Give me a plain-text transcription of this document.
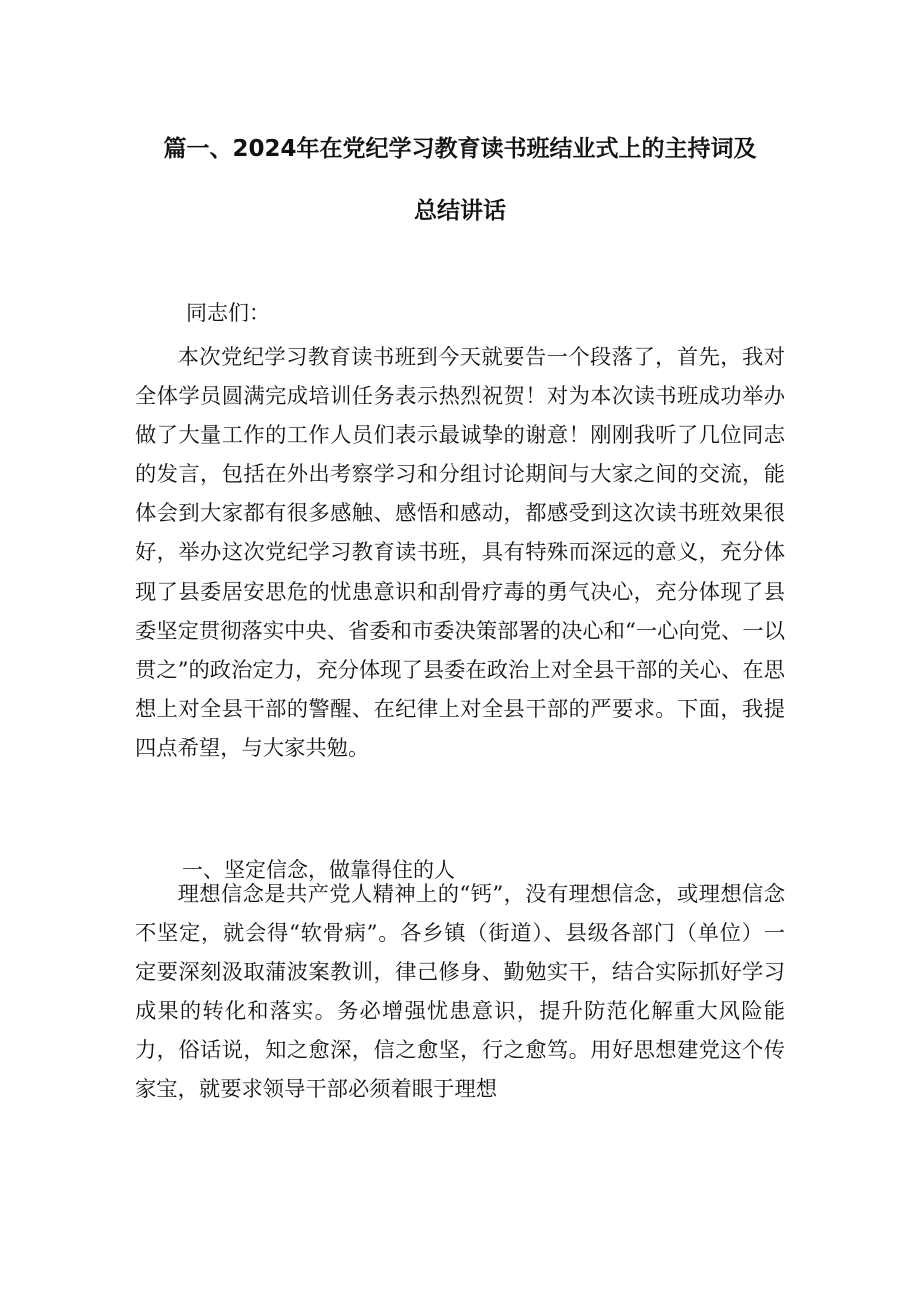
篇一、2024年在党纪学习教育读书班结业式上的主持词及
总结讲话
同志们：

本次党纪学习教育读书班到今天就要告一个段落了，首先，我对全体学员圆满完成培训任务表示热烈祝贺！对为本次读书班成功举办做了大量工作的工作人员们表示最诚挚的谢意！刚刚我听了几位同志的发言，包括在外出考察学习和分组讨论期间与大家之间的交流，能体会到大家都有很多感触、感悟和感动，都感受到这次读书班效果很好，举办这次党纪学习教育读书班，具有特殊而深远的意义，充分体现了县委居安思危的忧患意识和刮骨疗毒的勇气决心，充分体现了县委坚定贯彻落实中央、省委和市委决策部署的决心和“一心向党、一以贯之”的政治定力，充分体现了县委在政治上对全县干部的关心、在思想上对全县干部的警醒、在纪律上对全县干部的严要求。下面，我提四点希望，与大家共勉。

一、坚定信念，做靠得住的人

理想信念是共产党人精神上的“钙”，没有理想信念，或理想信念不坚定，就会得“软骨病”。各乡镇（街道）、县级各部门（单位）一定要深刻汲取蒲波案教训，律己修身、勤勉实干，结合实际抓好学习成果的转化和落实。务必增强忧患意识，提升防范化解重大风险能力，俗话说，知之愈深，信之愈坚，行之愈笃。用好思想建党这个传家宝，就要求领导干部必须着眼于理想
